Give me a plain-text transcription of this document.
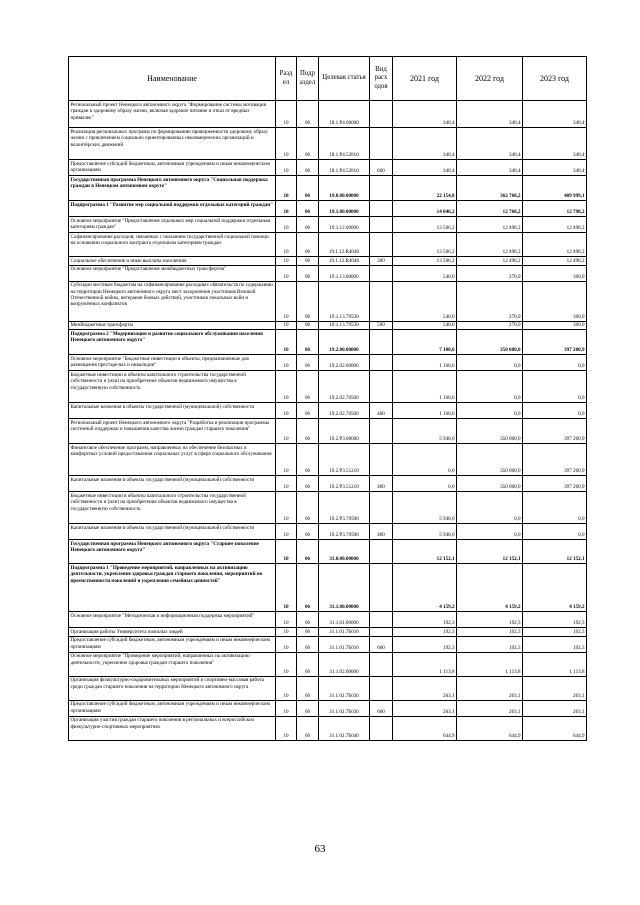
Наименование	Разд ел	Подр аздел	Целевая статья	Вид расх одов	2021 год	2022 год	2023 год
Региональный проект Ненецкого автономного округа "Формирование системы мотивации граждан к здоровому образу жизни, включая здоровое питание и отказ от вредных привычек"	10	06	18.1.P4.00000		348,4	348,4	348,4
Реализация региональных программ по формированию приверженности здоровому образу жизни с привлечением социально ориентированных некоммерческих организаций и волонтёрских движений	10	06	18.1.P4.52810		348,4	348,4	348,4
Предоставление субсидий бюджетным, автономным учреждениям и иным некоммерческим организациям	10	06	18.1.P4.52810	600	348,4	348,4	348,4
Государственная программа Ненецкого автономного округа "Социальная поддержка граждан в Ненецком автономном округе"	10	06	19.0.00.00000		22 154,8	362 768,2	409 999,1
Подпрограмма 1 "Развитие мер социальной поддержки отдельных категорий граждан"	10	06	19.1.00.00000		14 046,2	12 768,2	12 798,2
Основное мероприятие "Предоставление отдельных мер социальной поддержки отдельным категориям граждан"	10	06	19.1.12.00000		13 506,2	12 498,2	12 498,2
Софинансирование расходов, связанных с оказанием государственной социальной помощи на основании социального контракта отдельным категориям граждан	10	06	19.1.12.R4040		13 506,2	12 498,2	12 498,2
Социальное обеспечение и иные выплаты населению	10	06	19.1.12.R4040	300	13 506,2	12 498,2	12 498,2
Основное мероприятие "Предоставление межбюджетных трансфертов"	10	06	19.1.13.00000		540,0	270,0	300,0
Субсидии местным бюджетам на софинансирование расходных обязательств по содержанию на территории Ненецкого автономного округа мест захоронения участников Великой Отечественной войны, ветеранов боевых действий, участников локальных войн и вооружённых конфликтов	10	06	19.1.13.79530		540,0	270,0	300,0
Межбюджетные трансферты	10	06	19.1.13.79530	500	540,0	270,0	300,0
Подпрограмма 2 "Модернизация и развитие социального обслуживания населения Ненецкого автономного округа"	10	06	19.2.00.00000		7 108,6	350 000,0	397 200,9
Основное мероприятие "Бюджетные инвестиции в объекты, предназначенные для размещения престарелых и инвалидов"	10	06	19.2.02.00000		1 160,6	0,0	0,0
Бюджетные инвестиции в объекты капитального строительства государственной собственности и (или) на приобретение объектов недвижимого имущества в государственную собственность	10	06	19.2.02.70500		1 160,6	0,0	0,0
Капитальные вложения в объекты государственной (муниципальной) собственности	10	06	19.2.02.70500	400	1 160,6	0,0	0,0
Региональный проект Ненецкого автономного округа "Разработка и реализация программы системной поддержки и повышения качества жизни граждан старшего поколения"	10	06	19.2.P3.00000		5 948,0	350 000,0	397 200,9
Финансовое обеспечение программ, направленных на обеспечение безопасных и комфортных условий предоставления социальных услуг в сфере социального обслуживания	10	06	19.2.P3.51210		0,0	350 000,0	397 200,9
Капитальные вложения в объекты государственной (муниципальной) собственности	10	06	19.2.P3.51210	400	0,0	350 000,0	397 200,9
Бюджетные инвестиции в объекты капитального строительства государственной собственности и (или) на приобретение объектов недвижимого имущества в государственную собственность	10	06	19.2.P3.70500		5 948,0	0,0	0,0
Капитальные вложения в объекты государственной (муниципальной) собственности	10	06	19.2.P3.70500	400	5 948,0	0,0	0,0
Государственная программа Ненецкого автономного округа "Старшее поколение Ненецкого автономного округа"	10	06	31.0.00.00000		12 152,1	12 152,1	12 152,1
Подпрограмма 1 "Проведение мероприятий, направленных на активизацию деятельности, укрепление здоровья граждан старшего поколения, мероприятий по преемственности поколений и укрепления семейных ценностей"	10	06	31.1.00.00000		4 159,2	4 159,2	4 159,2
Основное мероприятие "Методическая и информационная поддержка мероприятий"	10	06	31.1.01.00000		192,3	192,3	192,3
Организация работы Университета пожилых людей	10	06	31.1.01.7Б010		192,3	192,3	192,3
Предоставление субсидий бюджетным, автономным учреждениям и иным некоммерческим организациям	10	06	31.1.01.7Б010	600	192,3	192,3	192,3
Основное мероприятие "Проведение мероприятий, направленных на активизацию деятельности, укрепление здоровья граждан старшего поколения"	10	06	31.1.02.00000		1 113,8	1 113,8	1 113,8
Организация физкультурно-оздоровительных мероприятий и спортивно-массовая работа среди граждан старшего поколения на территории Ненецкого автономного округа	10	06	31.1.02.7Б030		263,1	263,1	263,1
Предоставление субсидий бюджетным, автономным учреждениям и иным некоммерческим организациям	10	06	31.1.02.7Б030	600	263,1	263,1	263,1
Организация участия граждан старшего поколения в региональных и всероссийских физкультурно-спортивных мероприятиях	10	06	31.1.02.7Б040		644,9	644,9	644,9
63
